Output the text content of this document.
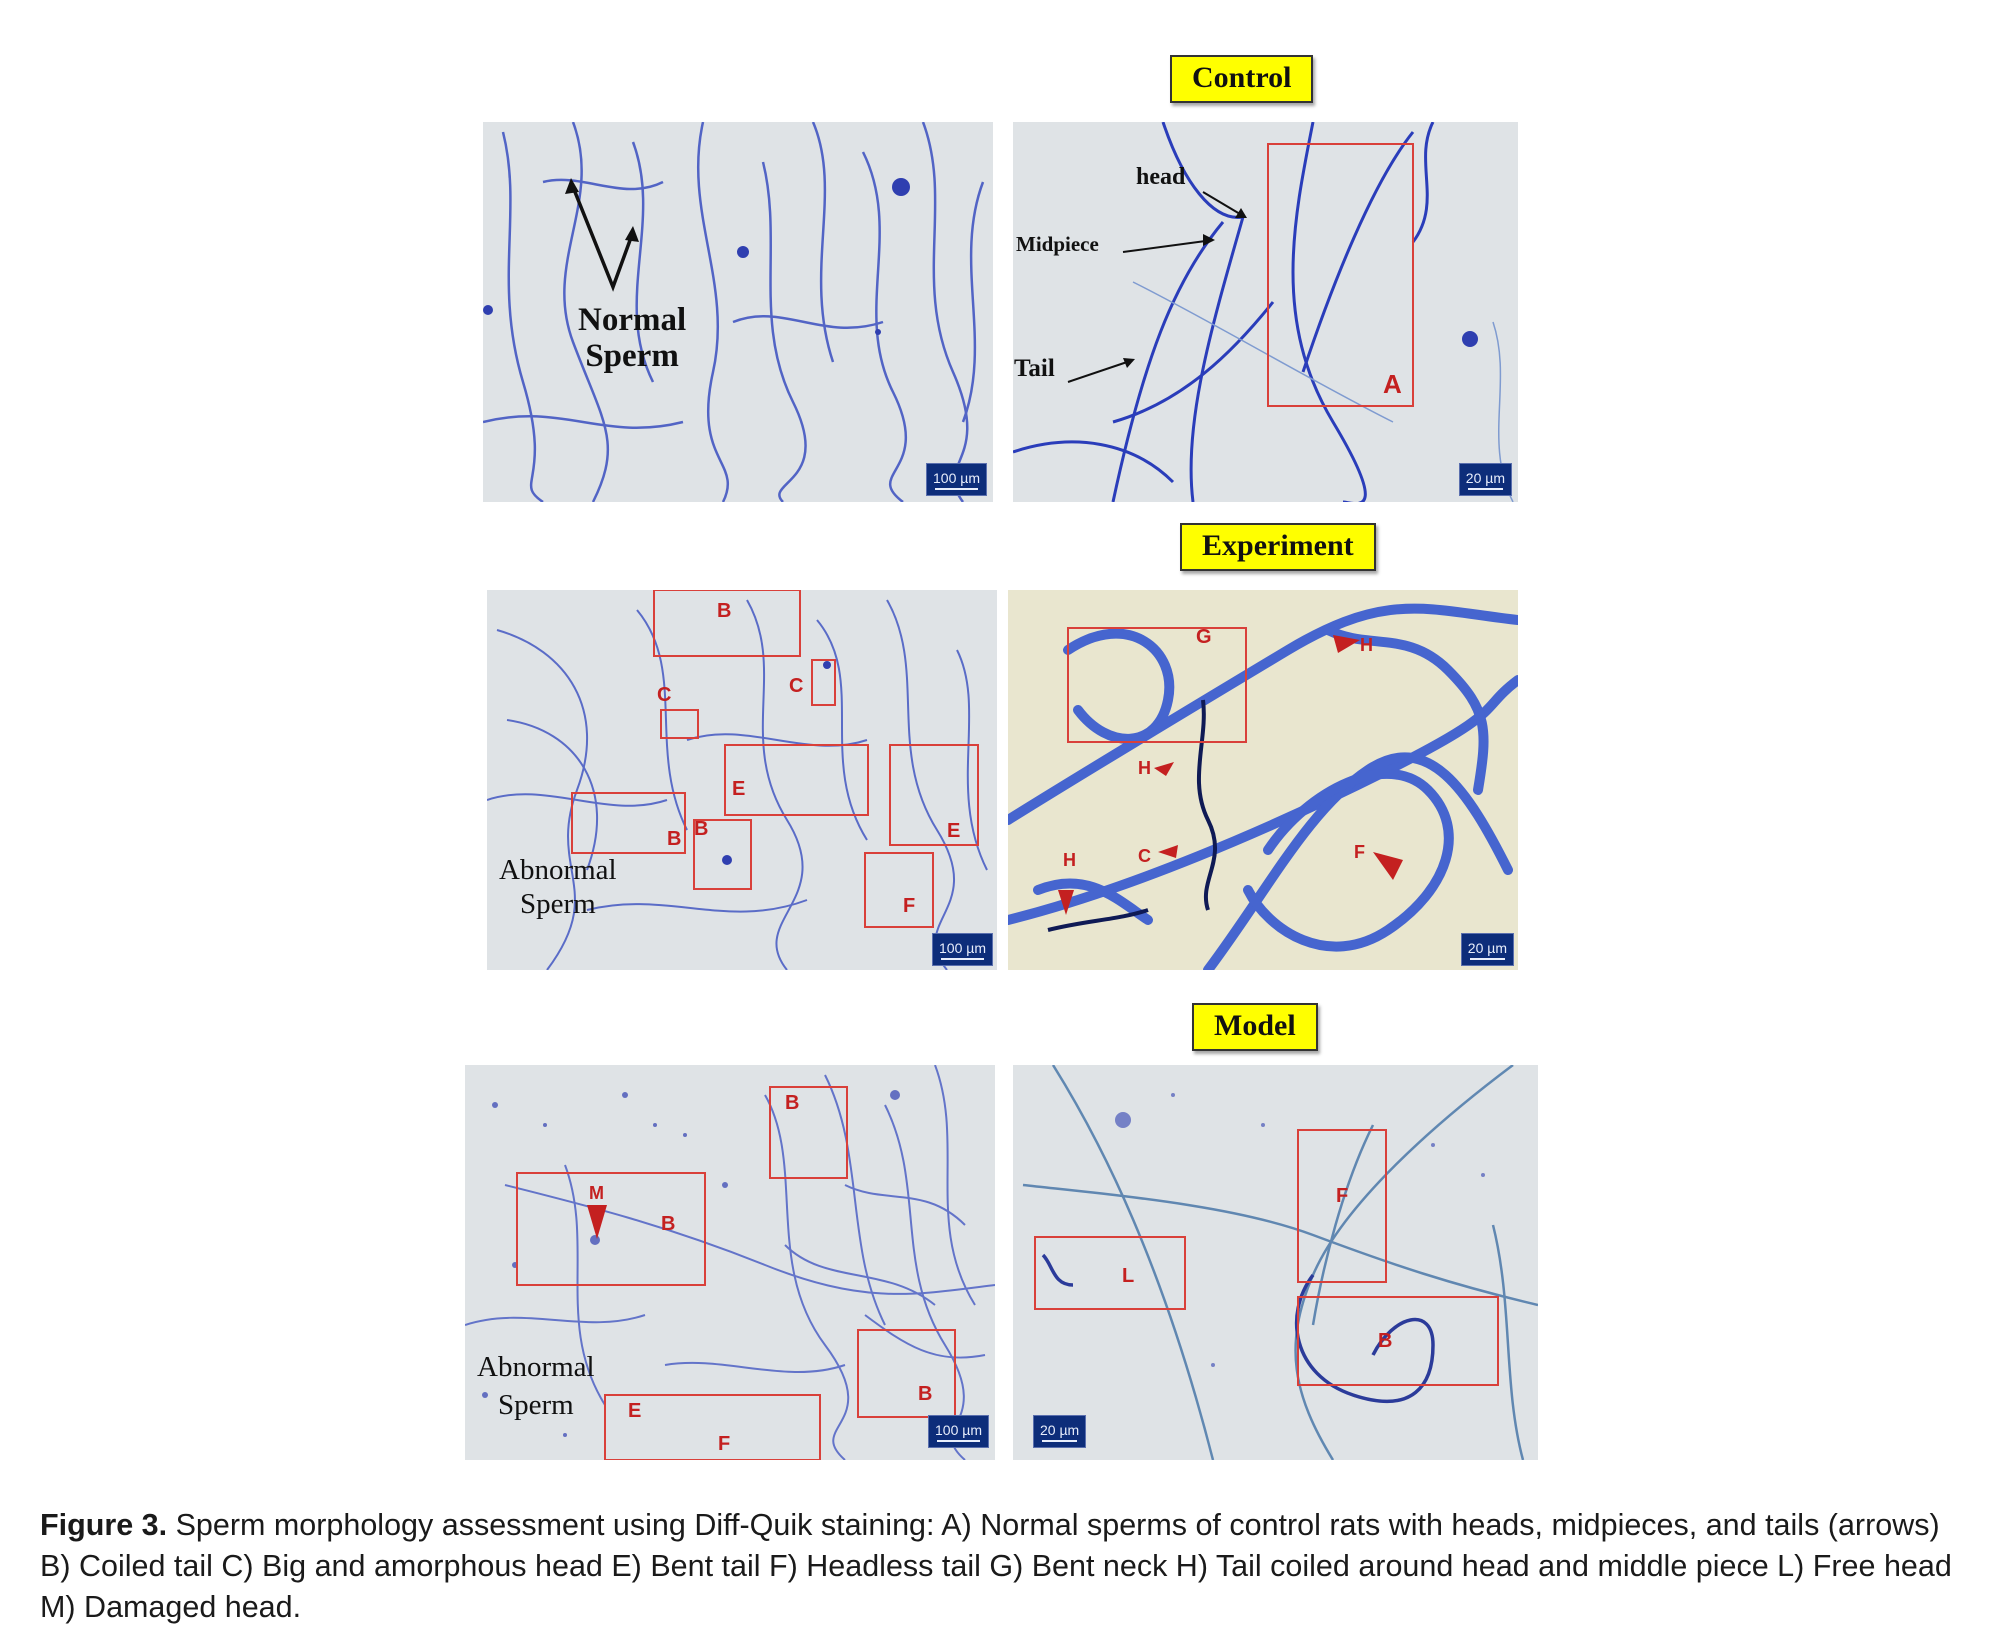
Control
Experiment
Model
Normal
Sperm
100 µm
head
Midpiece
Tail
A
20 µm
B
C	C
E
B B	E
F
Abnormal
Sperm
100 µm
G	H
H
H	C	F
20 µm
B
M
B
E
F
B
Abnormal
Sperm
100 µm
F
L
B
20 µm
Figure 3. Sperm morphology assessment using Diff-Quik staining: A) Normal sperms of control rats with heads, midpieces, and tails (arrows) B) Coiled tail C) Big and amorphous head E) Bent tail F) Headless tail G) Bent neck H) Tail coiled around head and middle piece L) Free head M) Damaged head.
